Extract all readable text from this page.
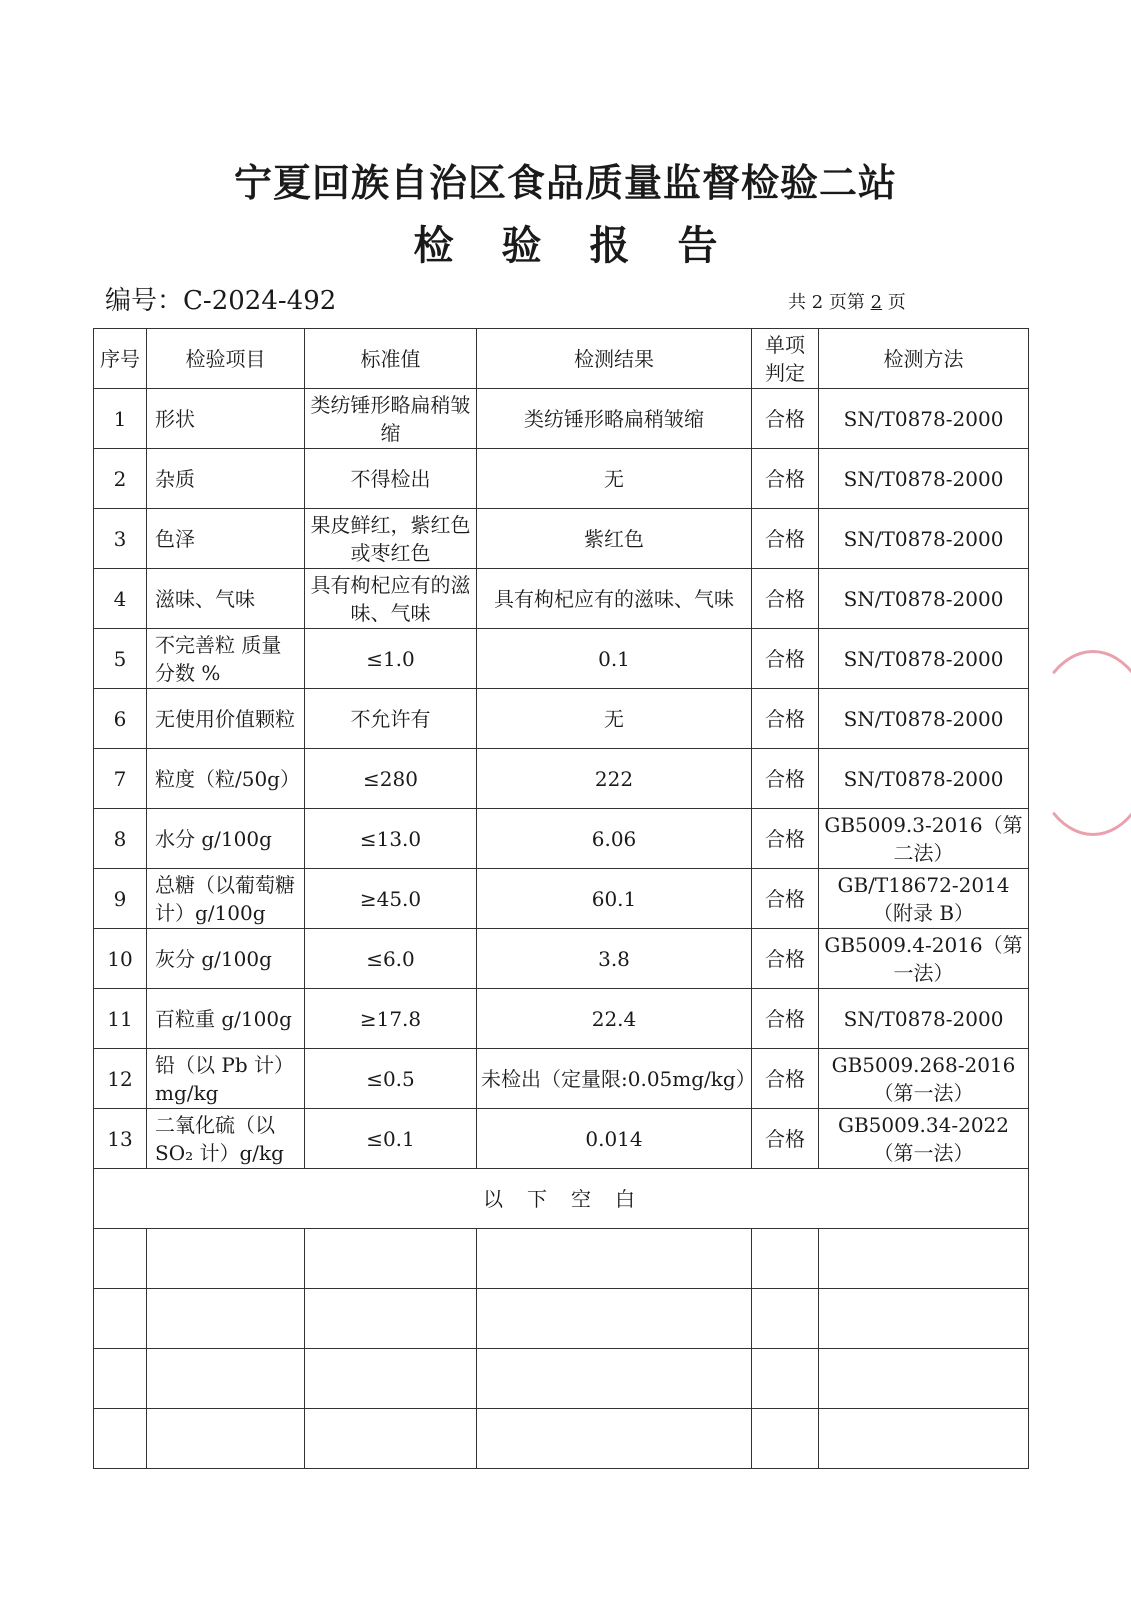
宁夏回族自治区食品质量监督检验二站
检验报告
编号：C-2024-492	共 2 页第 2 页
序号	检验项目	标准值	检测结果	单项判定	检测方法
1	形状	类纺锤形略扁稍皱缩	类纺锤形略扁稍皱缩	合格	SN/T0878-2000
2	杂质	不得检出	无	合格	SN/T0878-2000
3	色泽	果皮鲜红，紫红色或枣红色	紫红色	合格	SN/T0878-2000
4	滋味、气味	具有枸杞应有的滋味、气味	具有枸杞应有的滋味、气味	合格	SN/T0878-2000
5	不完善粒 质量分数 %	≤1.0	0.1	合格	SN/T0878-2000
6	无使用价值颗粒	不允许有	无	合格	SN/T0878-2000
7	粒度（粒/50g）	≤280	222	合格	SN/T0878-2000
8	水分 g/100g	≤13.0	6.06	合格	GB5009.3-2016（第二法）
9	总糖（以葡萄糖计）g/100g	≥45.0	60.1	合格	GB/T18672-2014（附录 B）
10	灰分 g/100g	≤6.0	3.8	合格	GB5009.4-2016（第一法）
11	百粒重 g/100g	≥17.8	22.4	合格	SN/T0878-2000
12	铅（以 Pb 计）mg/kg	≤0.5	未检出（定量限:0.05mg/kg）	合格	GB5009.268-2016（第一法）
13	二氧化硫（以 SO₂ 计）g/kg	≤0.1	0.014	合格	GB5009.34-2022（第一法）
以下空白					
